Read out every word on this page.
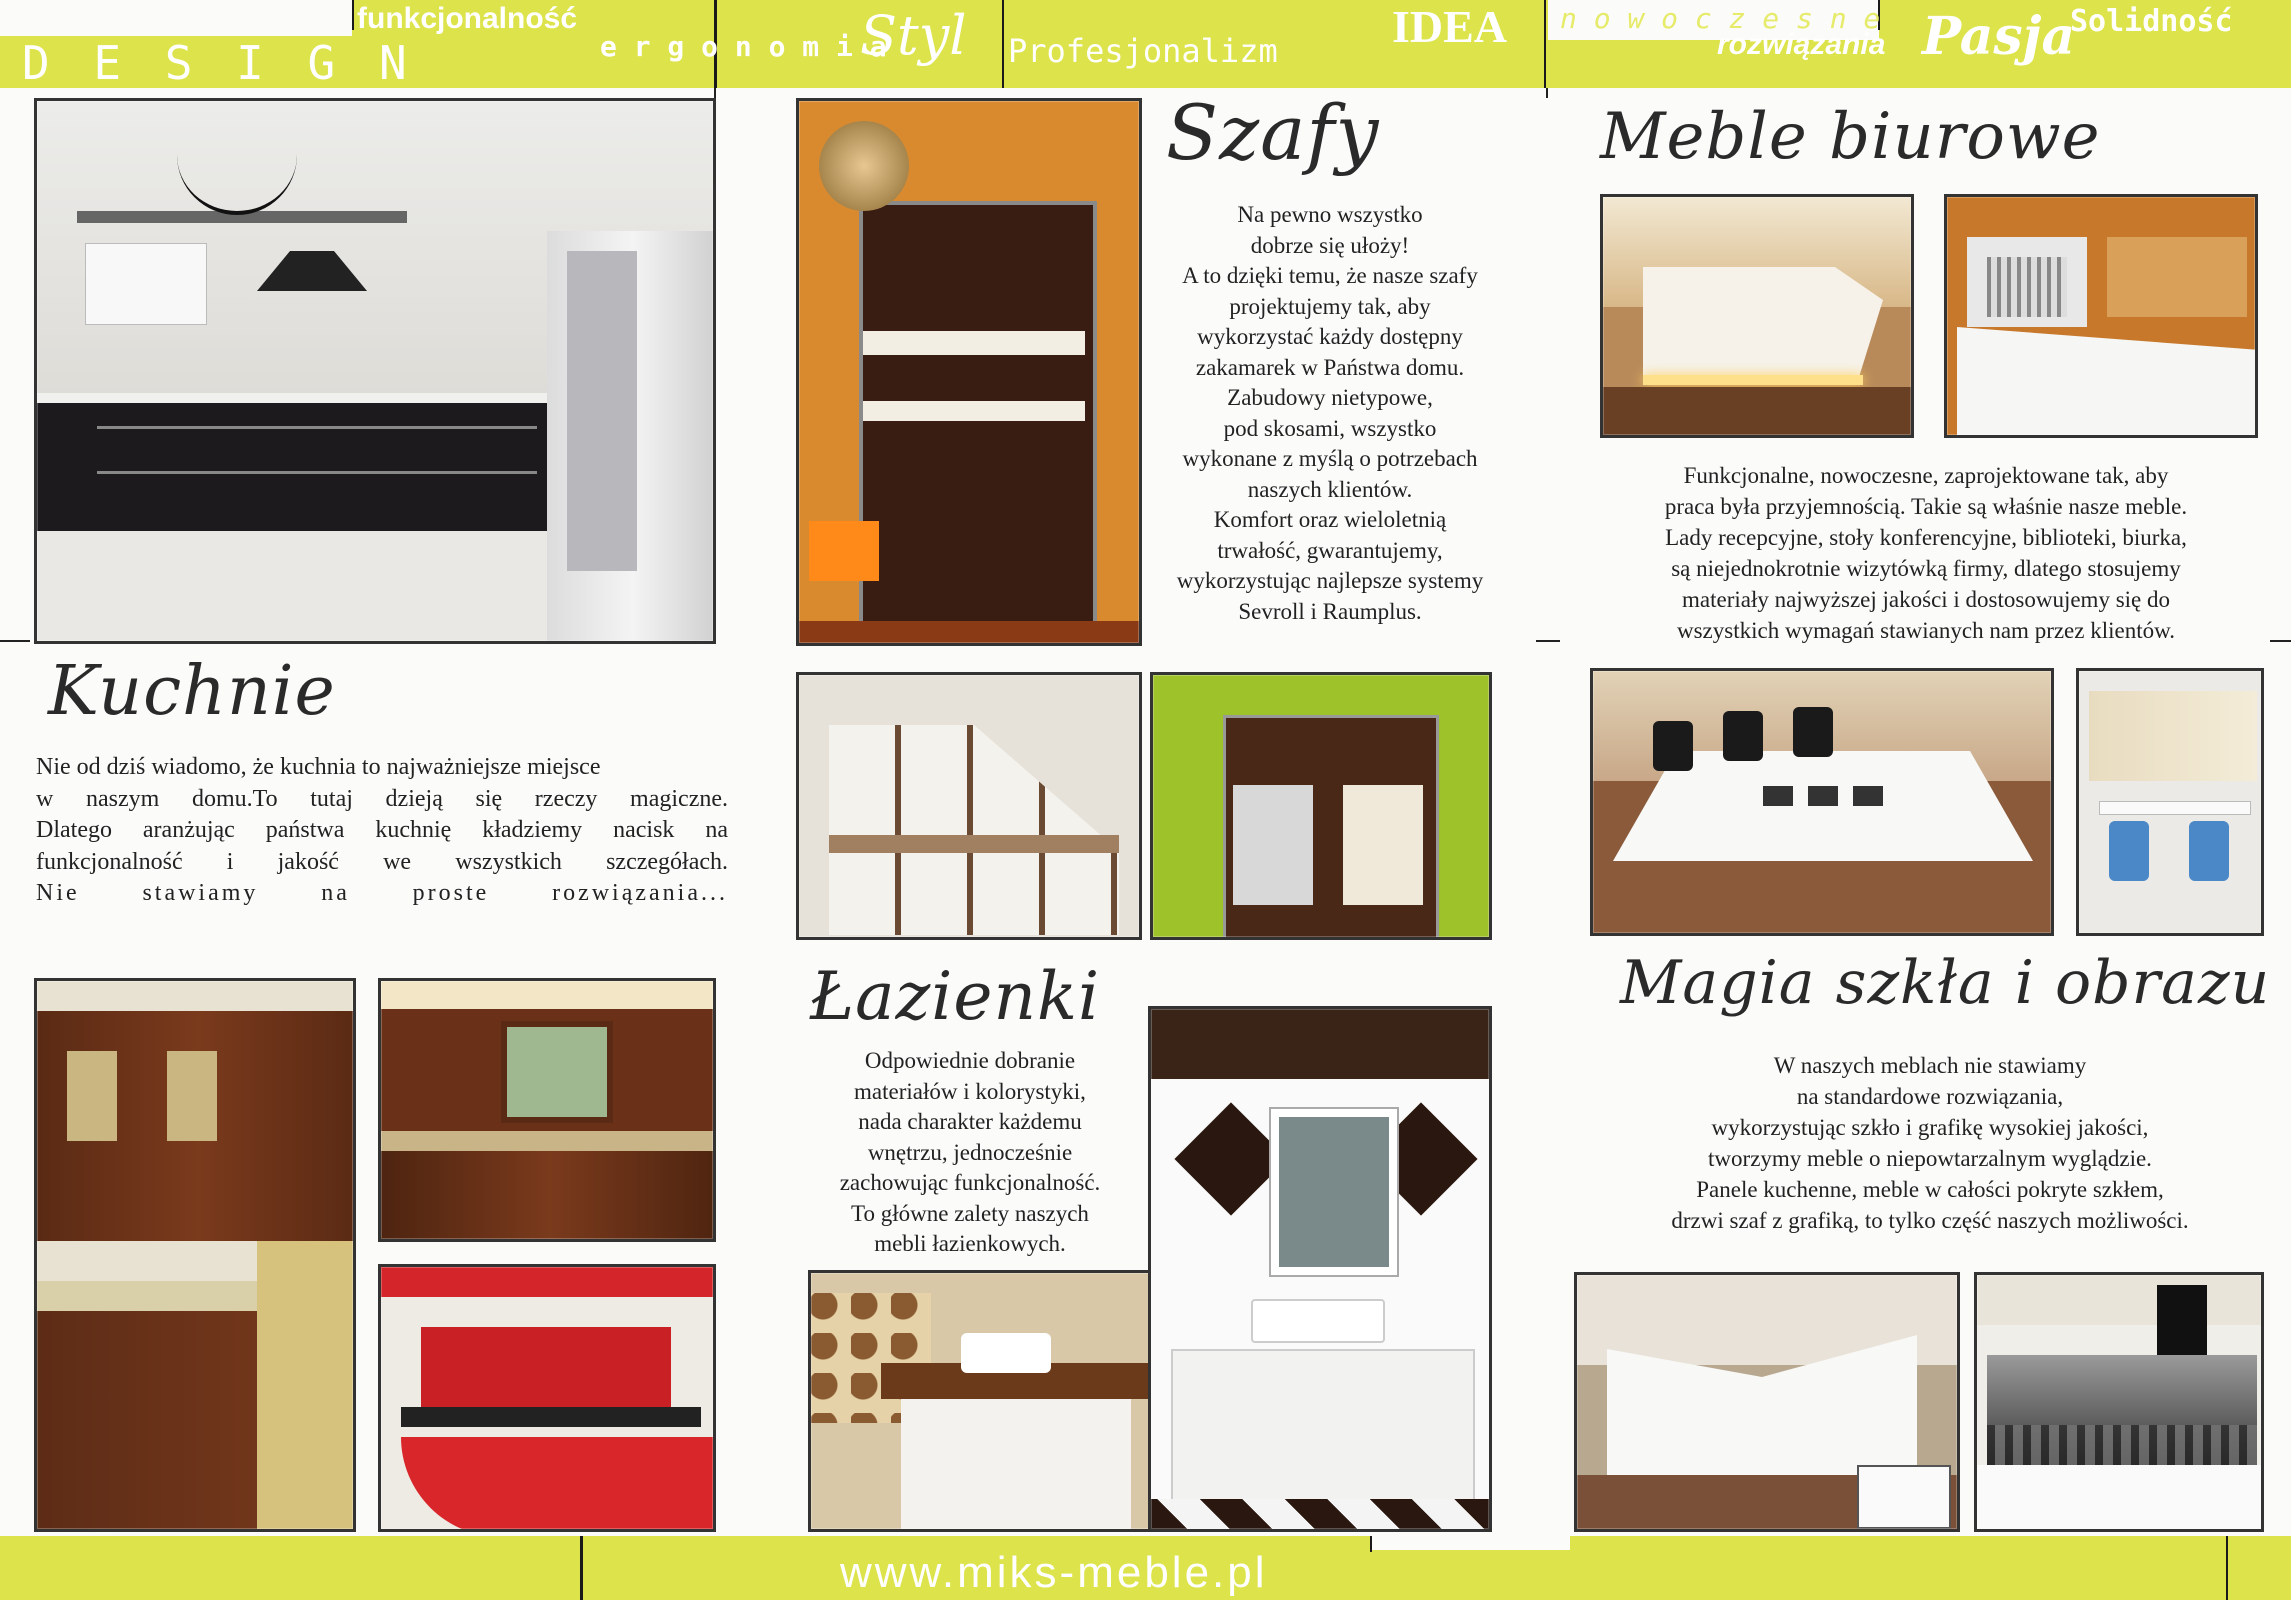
D E S I G N
funkcjonalność
e r g o n o m i a
Styl Profesjonalizm IDEA n o w o c z e s n e
rozwiązania Pasja
Solidność
Kuchnie
Nie od dziś wiadomo, że kuchnia to najważniejsze miejsce
w naszym domu.To tutaj dzieją się rzeczy magiczne.
Dlatego aranżując państwa kuchnię kładziemy nacisk na
funkcjonalność i jakość we wszystkich szczegółach.
Nie stawiamy na proste rozwiązania...
Szafy
Na pewno wszystko
dobrze się ułoży!
A to dzięki temu, że nasze szafy
projektujemy tak, aby
wykorzystać każdy dostępny
zakamarek w Państwa domu.
Zabudowy nietypowe,
pod skosami, wszystko
wykonane z myślą o potrzebach
naszych klientów.
Komfort oraz wieloletnią
trwałość, gwarantujemy,
wykorzystując najlepsze systemy
Sevroll i Raumplus.
Łazienki
Odpowiednie dobranie
materiałów i kolorystyki,
nada charakter każdemu
wnętrzu, jednocześnie
zachowując funkcjonalność.
To główne zalety naszych
mebli łazienkowych.
Meble biurowe
Funkcjonalne, nowoczesne, zaprojektowane tak, aby
praca była przyjemnością. Takie są właśnie nasze meble.
Lady recepcyjne, stoły konferencyjne, biblioteki, biurka,
są niejednokrotnie wizytówką firmy, dlatego stosujemy
materiały najwyższej jakości i dostosowujemy się do
wszystkich wymagań stawianych nam przez klientów.
Magia szkła i obrazu
W naszych meblach nie stawiamy
na standardowe rozwiązania,
wykorzystując szkło i grafikę wysokiej jakości,
tworzymy meble o niepowtarzalnym wyglądzie.
Panele kuchenne, meble w całości pokryte szkłem,
drzwi szaf z grafiką, to tylko część naszych możliwości.
www.miks-meble.pl
